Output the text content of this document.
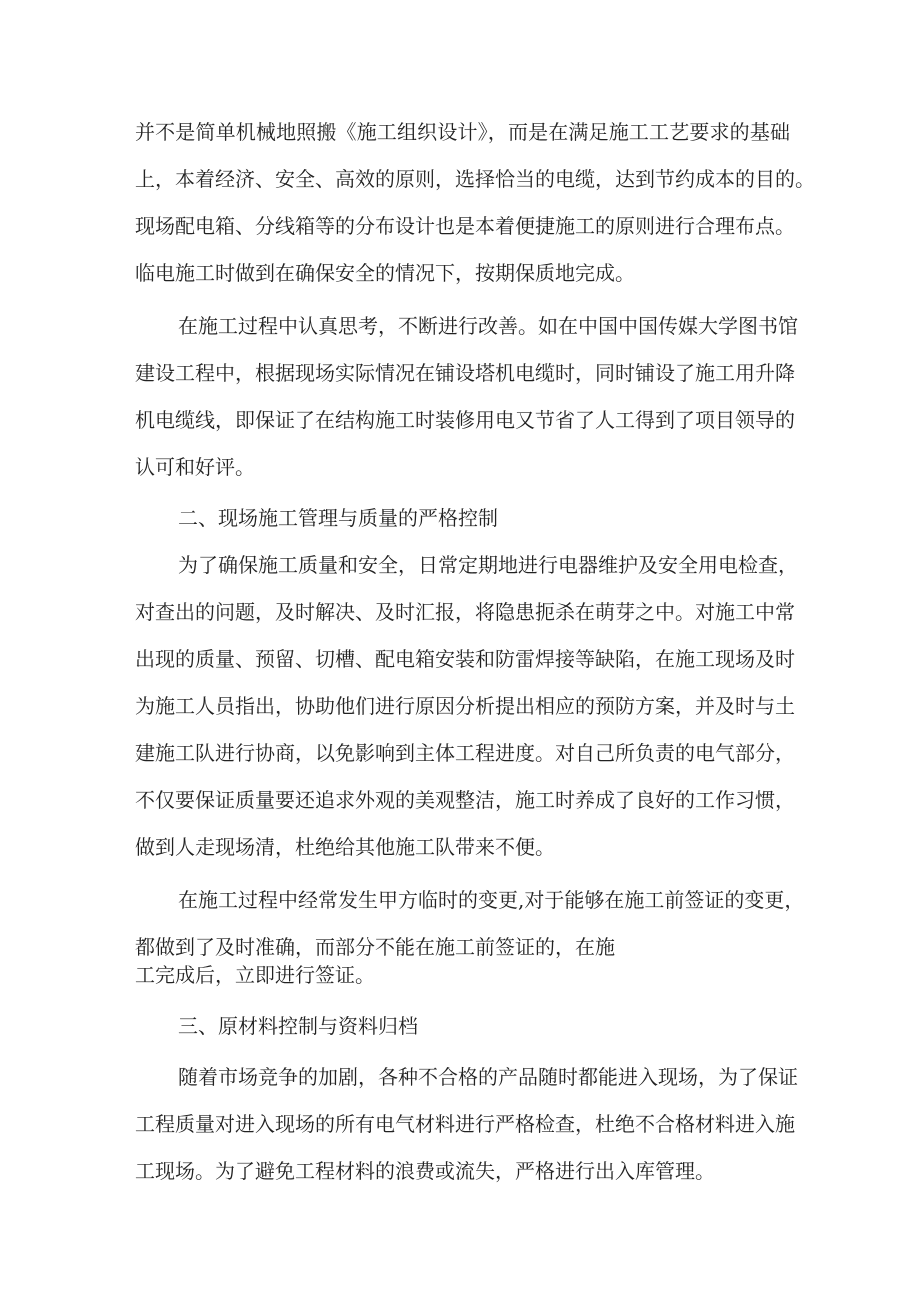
并不是简单机械地照搬《施工组织设计》，而是在满足施工工艺要求的基础
上，本着经济、安全、高效的原则，选择恰当的电缆，达到节约成本的目的。
现场配电箱、分线箱等的分布设计也是本着便捷施工的原则进行合理布点。
临电施工时做到在确保安全的情况下，按期保质地完成。
在施工过程中认真思考，不断进行改善。如在中国中国传媒大学图书馆
建设工程中，根据现场实际情况在铺设塔机电缆时，同时铺设了施工用升降
机电缆线，即保证了在结构施工时装修用电又节省了人工得到了项目领导的
认可和好评。
二、现场施工管理与质量的严格控制
为了确保施工质量和安全，日常定期地进行电器维护及安全用电检查，
对查出的问题，及时解决、及时汇报，将隐患扼杀在萌芽之中。对施工中常
出现的质量、预留、切槽、配电箱安装和防雷焊接等缺陷，在施工现场及时
为施工人员指出，协助他们进行原因分析提出相应的预防方案，并及时与土
建施工队进行协商，以免影响到主体工程进度。对自己所负责的电气部分，
不仅要保证质量要还追求外观的美观整洁，施工时养成了良好的工作习惯，
做到人走现场清，杜绝给其他施工队带来不便。
在施工过程中经常发生甲方临时的变更,对于能够在施工前签证的变更，
都做到了及时准确，而部分不能在施工前签证的，在施
工完成后，立即进行签证。
三、原材料控制与资料归档
随着市场竞争的加剧，各种不合格的产品随时都能进入现场，为了保证
工程质量对进入现场的所有电气材料进行严格检查，杜绝不合格材料进入施
工现场。为了避免工程材料的浪费或流失，严格进行出入库管理。
